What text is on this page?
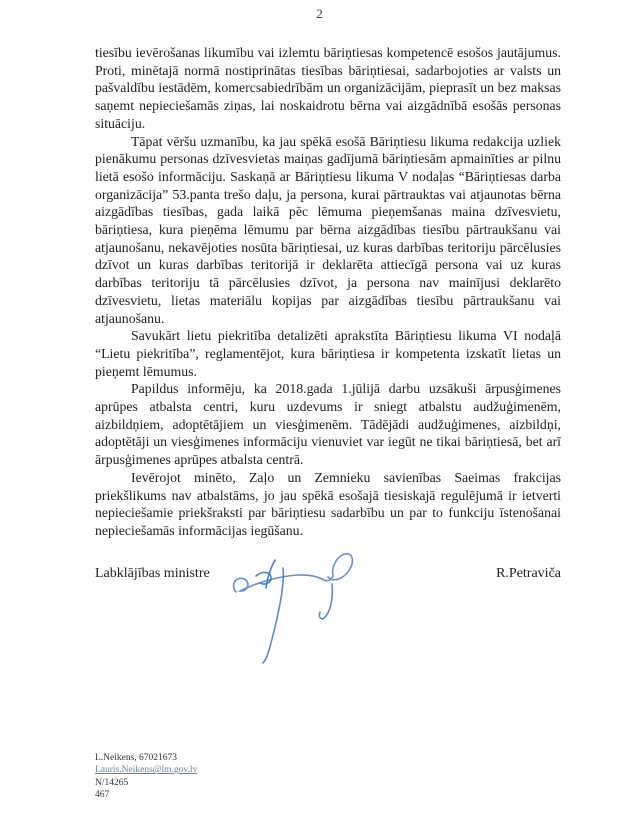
2

tiesību ievērošanas likumību vai izlemtu bāriņtiesas kompetencē esošos jautājumus. Proti, minētajā normā nostiprinātas tiesības bāriņtiesai, sadarbojoties ar valsts un pašvaldību iestādēm, komercsabiedrībām un organizācijām, pieprasīt un bez maksas saņemt nepieciešamās ziņas, lai noskaidrotu bērna vai aizgādnībā esošās personas situāciju.

Tāpat vēršu uzmanību, ka jau spēkā esošā Bāriņtiesu likuma redakcija uzliek pienākumu personas dzīvesvietas maiņas gadījumā bāriņtiesām apmainīties ar pilnu lietā esošo informāciju. Saskaņā ar Bāriņtiesu likuma V nodaļas “Bāriņtiesas darba organizācija” 53.panta trešo daļu, ja persona, kurai pārtrauktas vai atjaunotas bērna aizgādības tiesības, gada laikā pēc lēmuma pieņemšanas maina dzīvesvietu, bāriņtiesa, kura pieņēma lēmumu par bērna aizgādības tiesību pārtraukšanu vai atjaunošanu, nekavējoties nosūta bāriņtiesai, uz kuras darbības teritoriju pārcēlusies dzīvot un kuras darbības teritorijā ir deklarēta attiecīgā persona vai uz kuras darbības teritoriju tā pārcēlusies dzīvot, ja persona nav mainījusi deklarēto dzīvesvietu, lietas materiālu kopijas par aizgādības tiesību pārtraukšanu vai atjaunošanu.

Savukārt lietu piekritība detalizēti aprakstīta Bāriņtiesu likuma VI nodaļā “Lietu piekritība”, reglamentējot, kura bāriņtiesa ir kompetenta izskatīt lietas un pieņemt lēmumus.

Papildus informēju, ka 2018.gada 1.jūlijā darbu uzsākuši ārpusģimenes aprūpes atbalsta centri, kuru uzdevums ir sniegt atbalstu audžuģimenēm, aizbildņiem, adoptētājiem un viesģimenēm. Tādējādi audžuģimenes, aizbildņi, adoptētāji un viesģimenes informāciju vienuviet var iegūt ne tikai bāriņtiesā, bet arī ārpusģimenes aprūpes atbalsta centrā.

Ievērojot minēto, Zaļo un Zemnieku savienības Saeimas frakcijas priekšlikums nav atbalstāms, jo jau spēkā esošajā tiesiskajā regulējumā ir ietverti nepieciešamie priekšraksti par bāriņtiesu sadarbību un par to funkciju īstenošanai nepieciešamās informācijas iegūšanu.

Labklājības ministre	R.Petraviča
L.Neikens, 67021673
Lauris.Neikens@lm.gov.lv
N/14265
467
